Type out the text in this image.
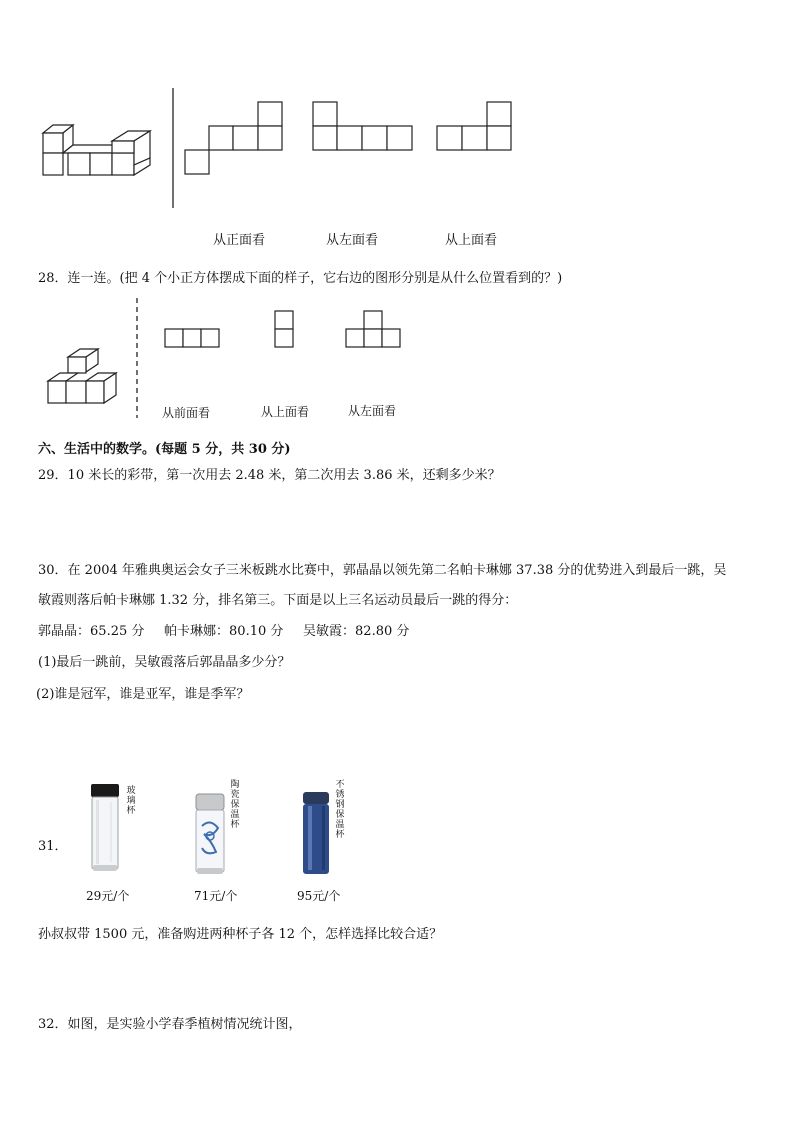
从正面看	从左面看	从上面看
28．连一连。(把 4 个小正方体摆成下面的样子，它右边的图形分别是从什么位置看到的？)
从前面看	从上面看	从左面看
六、生活中的数学。(每题 5 分，共 30 分)
29．10 米长的彩带，第一次用去 2.48 米，第二次用去 3.86 米，还剩多少米？
30．在 2004 年雅典奥运会女子三米板跳水比赛中，郭晶晶以领先第二名帕卡琳娜 37.38 分的优势进入到最后一跳，吴
敏霞则落后帕卡琳娜 1.32 分，排名第三。下面是以上三名运动员最后一跳的得分：
郭晶晶：65.25 分 帕卡琳娜：80.10 分 吴敏霞：82.80 分
(1)最后一跳前，吴敏霞落后郭晶晶多少分？
(2)谁是冠军，谁是亚军，谁是季军？
31．
玻璃杯
29元/个
陶瓷保温杯
71元/个
不锈钢保温杯
95元/个
孙叔叔带 1500 元，准备购进两种杯子各 12 个，怎样选择比较合适？
32．如图，是实验小学春季植树情况统计图，
